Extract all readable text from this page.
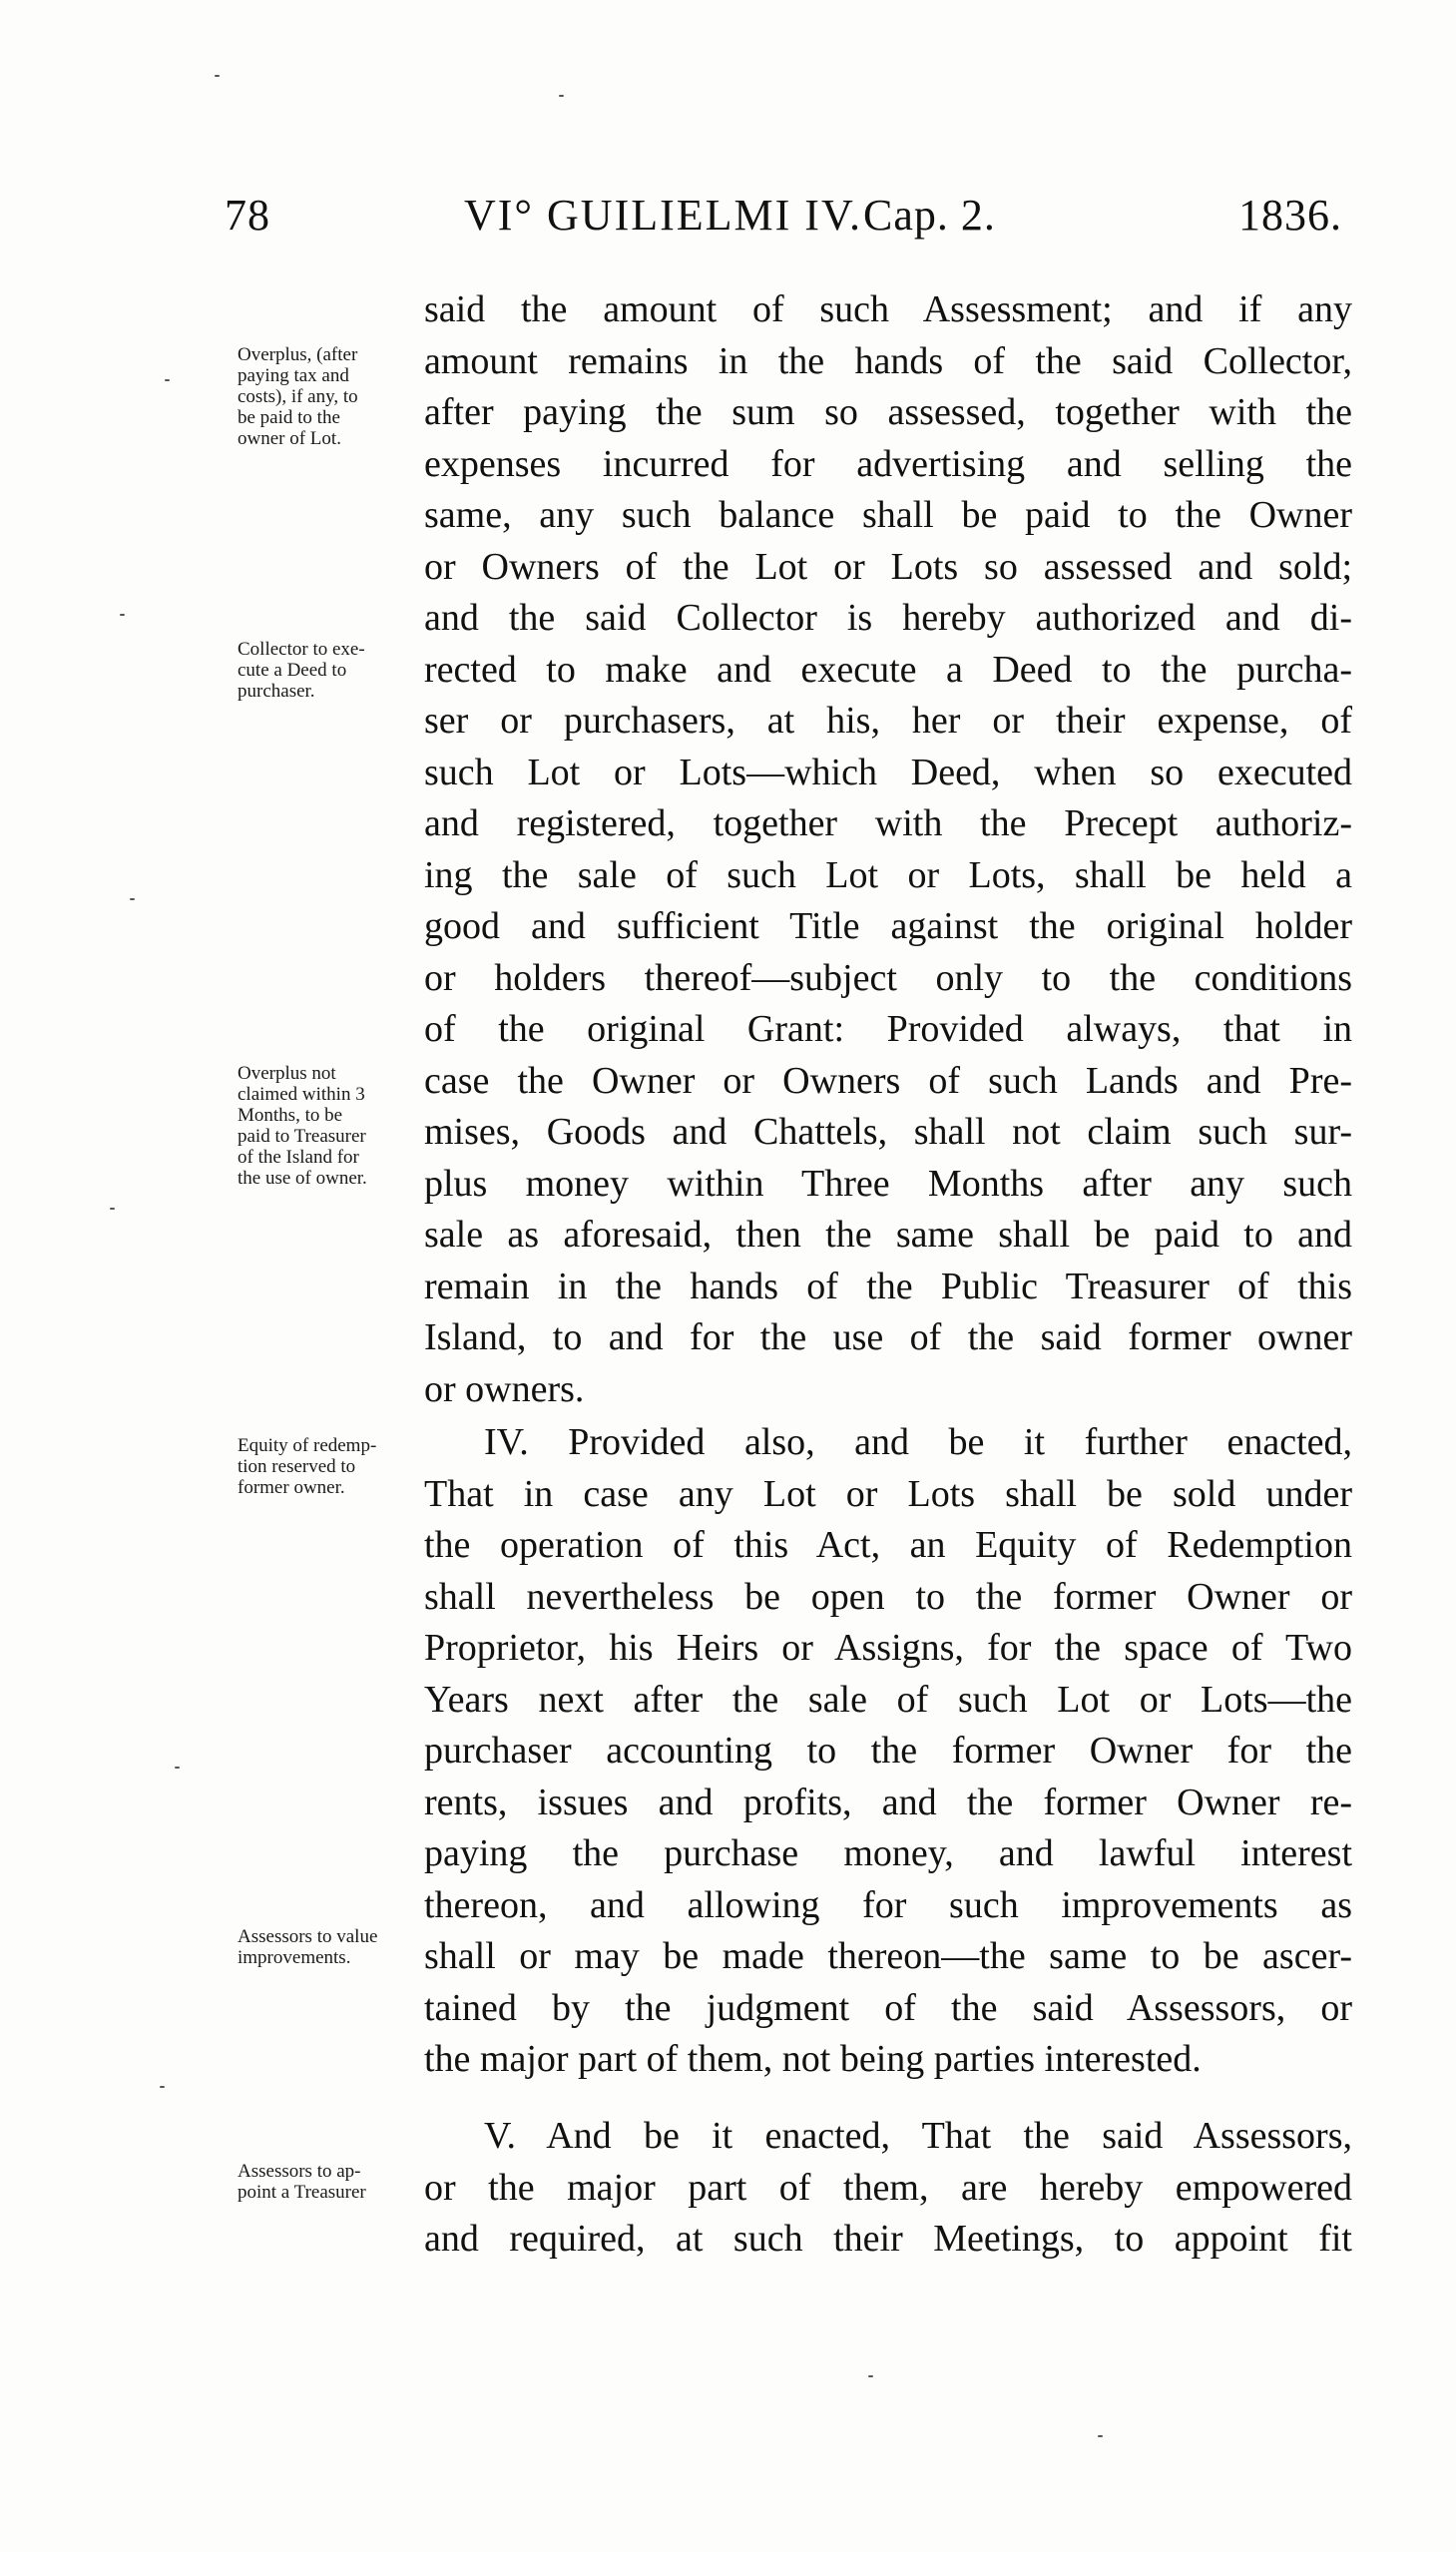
78	VI° GUILIELMI IV. Cap. 2.	1836.
said the amount of such Assessment; and if any
amount remains in the hands of the said Collector,
after paying the sum so assessed, together with the
expenses incurred for advertising and selling the
same, any such balance shall be paid to the Owner
or Owners of the Lot or Lots so assessed and sold;
and the said Collector is hereby authorized and di-
rected to make and execute a Deed to the purcha-
ser or purchasers, at his, her or their expense, of
such Lot or Lots—which Deed, when so executed
and registered, together with the Precept authoriz-
ing the sale of such Lot or Lots, shall be held a
good and sufficient Title against the original holder
or holders thereof—subject only to the conditions
of the original Grant: Provided always, that in
case the Owner or Owners of such Lands and Pre-
mises, Goods and Chattels, shall not claim such sur-
plus money within Three Months after any such
sale as aforesaid, then the same shall be paid to and
remain in the hands of the Public Treasurer of this
Island, to and for the use of the said former owner
or owners.
IV. Provided also, and be it further enacted,
That in case any Lot or Lots shall be sold under
the operation of this Act, an Equity of Redemption
shall nevertheless be open to the former Owner or
Proprietor, his Heirs or Assigns, for the space of Two
Years next after the sale of such Lot or Lots—the
purchaser accounting to the former Owner for the
rents, issues and profits, and the former Owner re-
paying the purchase money, and lawful interest
thereon, and allowing for such improvements as
shall or may be made thereon—the same to be ascer-
tained by the judgment of the said Assessors, or
the major part of them, not being parties interested.
V. And be it enacted, That the said Assessors,
or the major part of them, are hereby empowered
and required, at such their Meetings, to appoint fit
Overplus, (after
paying tax and
costs), if any, to
be paid to the
owner of Lot.
Collector to exe-
cute a Deed to
purchaser.
Overplus not
claimed within 3
Months, to be
paid to Treasurer
of the Island for
the use of owner.
Equity of redemp-
tion reserved to
former owner.
Assessors to value
improvements.
Assessors to ap-
point a Treasurer
